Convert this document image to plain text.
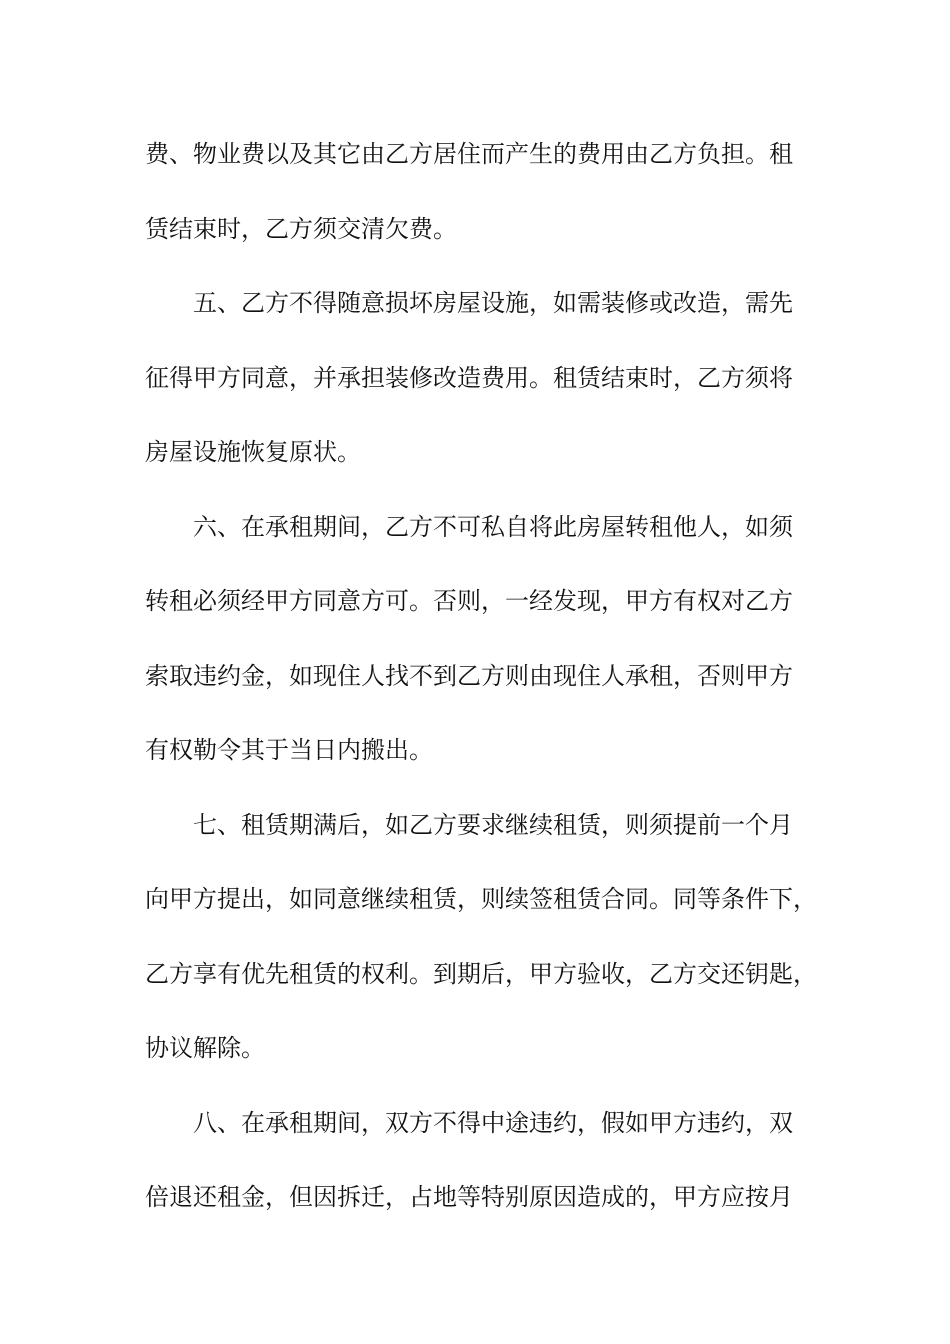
费、物业费以及其它由乙方居住而产生的费用由乙方负担。租
赁结束时，乙方须交清欠费。
五、乙方不得随意损坏房屋设施，如需装修或改造，需先
征得甲方同意，并承担装修改造费用。租赁结束时，乙方须将
房屋设施恢复原状。
六、在承租期间，乙方不可私自将此房屋转租他人，如须
转租必须经甲方同意方可。否则，一经发现，甲方有权对乙方
索取违约金，如现住人找不到乙方则由现住人承租，否则甲方
有权勒令其于当日内搬出。
七、租赁期满后，如乙方要求继续租赁，则须提前一个月
向甲方提出，如同意继续租赁，则续签租赁合同。同等条件下，
乙方享有优先租赁的权利。到期后，甲方验收，乙方交还钥匙，
协议解除。
八、在承租期间，双方不得中途违约，假如甲方违约，双
倍退还租金，但因拆迁，占地等特别原因造成的，甲方应按月
